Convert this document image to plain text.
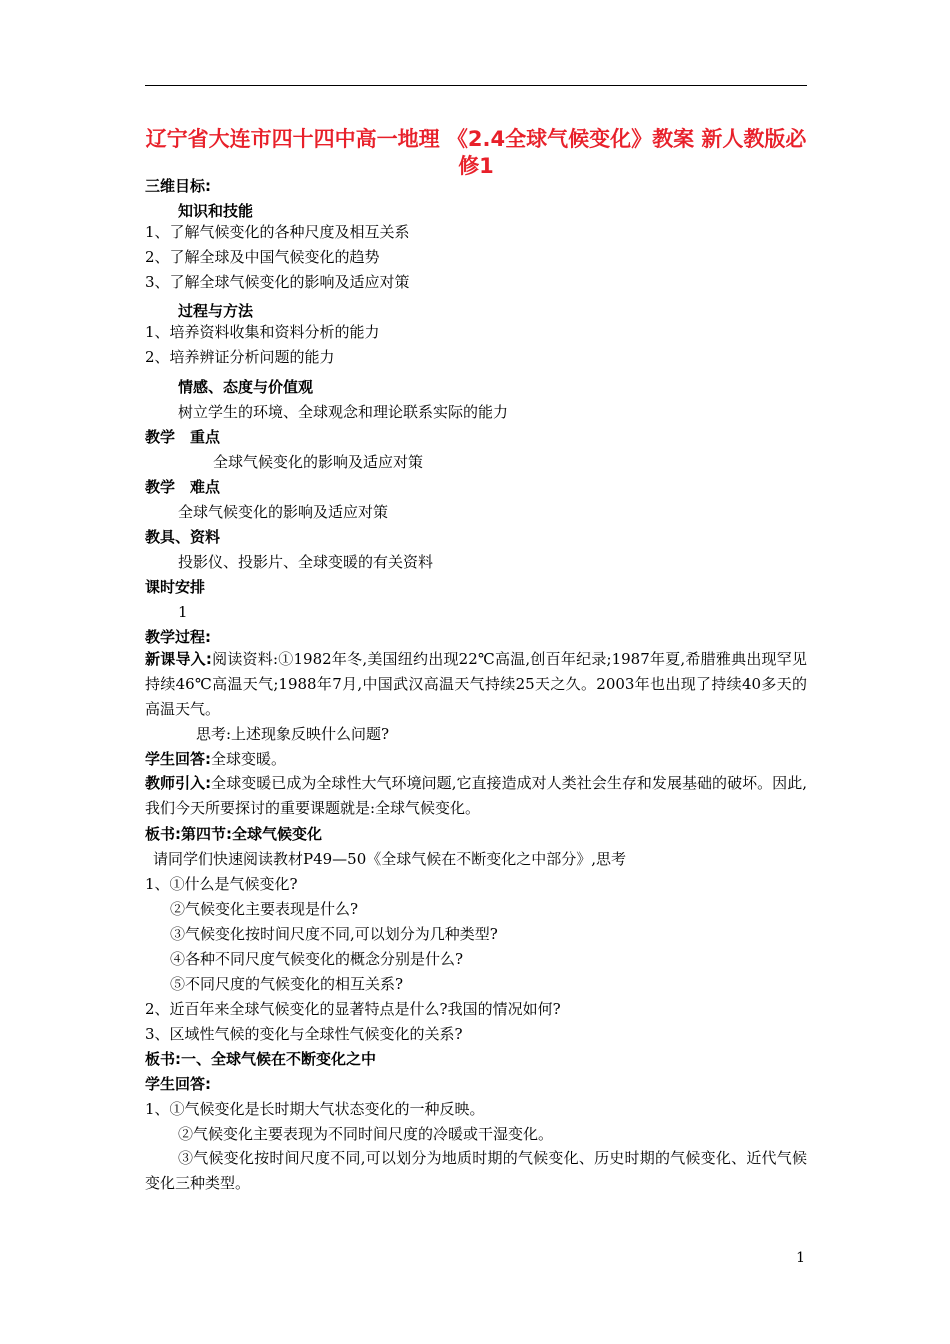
辽宁省大连市四十四中高一地理 《2.4全球气候变化》教案 新人教版必修1
三维目标:
知识和技能
1、了解气候变化的各种尺度及相互关系
2、了解全球及中国气候变化的趋势
3、了解全球气候变化的影响及适应对策
过程与方法
1、培养资料收集和资料分析的能力
2、培养辨证分析问题的能力
情感、态度与价值观
树立学生的环境、全球观念和理论联系实际的能力
教学　重点
全球气候变化的影响及适应对策
教学　难点
全球气候变化的影响及适应对策
教具、资料
投影仪、投影片、全球变暖的有关资料
课时安排
1
教学过程:
新课导入:阅读资料:①1982年冬,美国纽约出现22℃高温,创百年纪录;1987年夏,希腊雅典出现罕见持续46℃高温天气;1988年7月,中国武汉高温天气持续25天之久。2003年也出现了持续40多天的高温天气。
思考:上述现象反映什么问题?
学生回答:全球变暖。
教师引入:全球变暖已成为全球性大气环境问题,它直接造成对人类社会生存和发展基础的破坏。因此,我们今天所要探讨的重要课题就是:全球气候变化。
板书:第四节:全球气候变化
请同学们快速阅读教材P49—50《全球气候在不断变化之中部分》,思考
1、①什么是气候变化?
②气候变化主要表现是什么?
③气候变化按时间尺度不同,可以划分为几种类型?
④各种不同尺度气候变化的概念分别是什么?
⑤不同尺度的气候变化的相互关系?
2、近百年来全球气候变化的显著特点是什么?我国的情况如何?
3、区域性气候的变化与全球性气候变化的关系?
板书:一、全球气候在不断变化之中
学生回答:
1、①气候变化是长时期大气状态变化的一种反映。
②气候变化主要表现为不同时间尺度的冷暖或干湿变化。
③气候变化按时间尺度不同,可以划分为地质时期的气候变化、历史时期的气候变化、近代气候变化三种类型。
1
